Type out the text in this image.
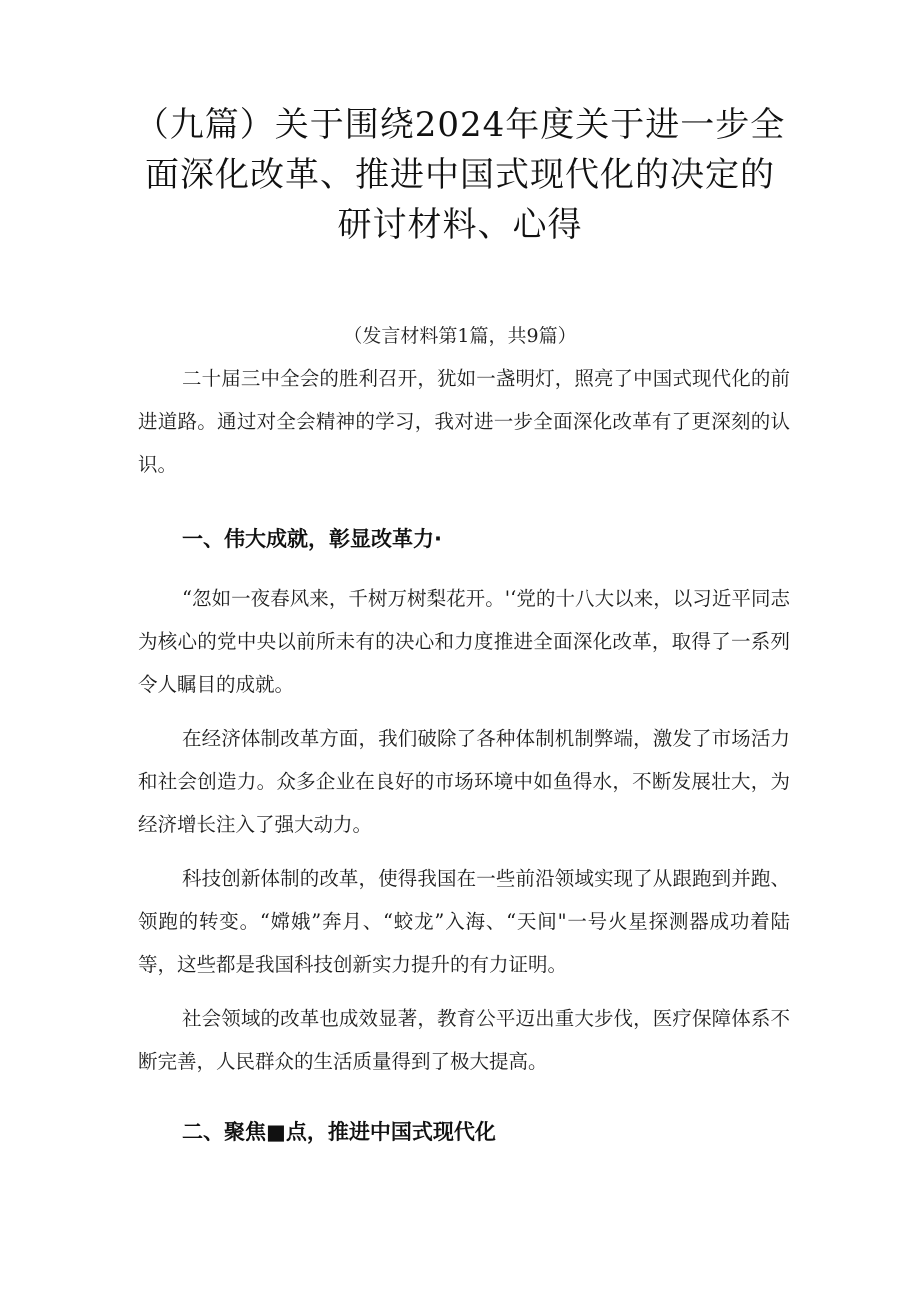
（九篇）关于围绕2024年度关于进一步全
面深化改革、推进中国式现代化的决定的
研讨材料、心得
（发言材料第1篇，共9篇）

二十届三中全会的胜利召开，犹如一盏明灯，照亮了中国式现代化的前进道路。通过对全会精神的学习，我对进一步全面深化改革有了更深刻的认识。

一、伟大成就，彰显改革力·

“忽如一夜春风来，千树万树梨花开。'‘党的十八大以来，以习近平同志为核心的党中央以前所未有的决心和力度推进全面深化改革，取得了一系列令人瞩目的成就。

在经济体制改革方面，我们破除了各种体制机制弊端，激发了市场活力和社会创造力。众多企业在良好的市场环境中如鱼得水，不断发展壮大，为经济增长注入了强大动力。

科技创新体制的改革，使得我国在一些前沿领域实现了从跟跑到并跑、领跑的转变。“嫦娥”奔月、“蛟龙”入海、“天间"一号火星探测器成功着陆等，这些都是我国科技创新实力提升的有力证明。

社会领域的改革也成效显著，教育公平迈出重大步伐，医疗保障体系不断完善，人民群众的生活质量得到了极大提高。

二、聚焦■点，推进中国式现代化
